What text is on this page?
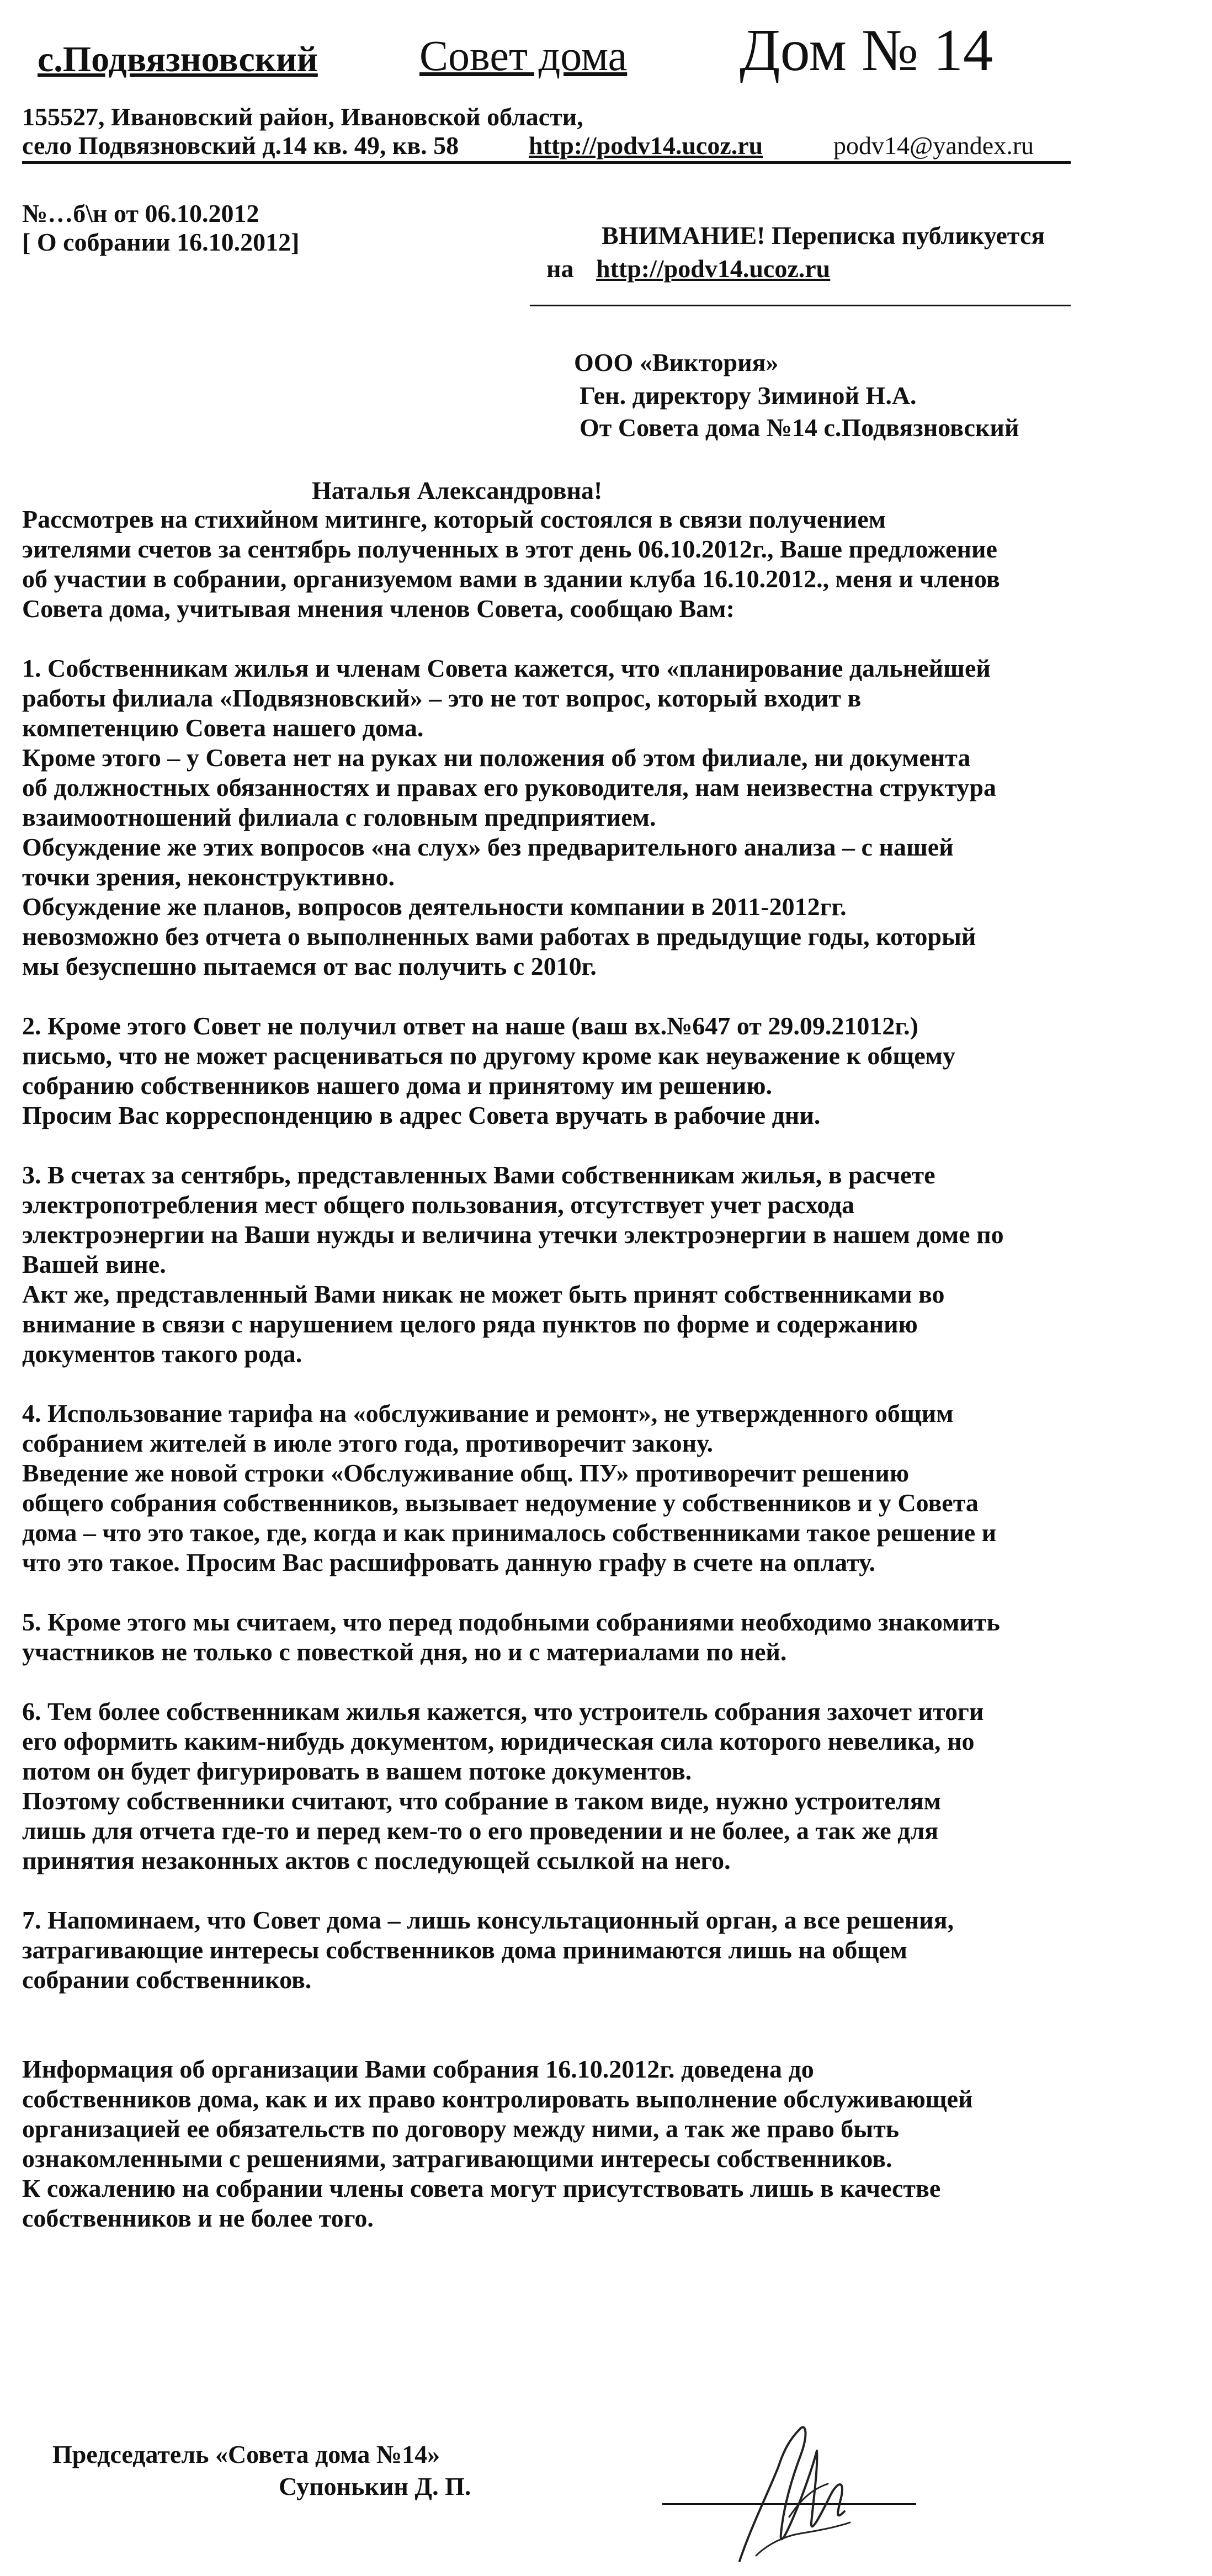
с.Подвязновский Совет дома Дом № 14
155527, Ивановский район, Ивановской области,
село Подвязновский д.14 кв. 49, кв. 58	http://podv14.ucoz.ru	podv14@yandex.ru
№…б\н от 06.10.2012
[ О собрании 16.10.2012]	ВНИМАНИЕ! Переписка публикуется
на http://podv14.ucoz.ru
ООО «Виктория»
Ген. директору Зиминой Н.А.
От Совета дома №14 с.Подвязновский
Наталья Александровна!

Рассмотрев на стихийном митинге, который состоялся в связи получением
эителями счетов за сентябрь полученных в этот день 06.10.2012г., Ваше предложение
об участии в собрании, организуемом вами в здании клуба 16.10.2012., меня и членов
Совета дома, учитывая мнения членов Совета, сообщаю Вам:

1. Собственникам жилья и членам Совета кажется, что «планирование дальнейшей
работы филиала «Подвязновский» – это не тот вопрос, который входит в
компетенцию Совета нашего дома.
Кроме этого – у Совета нет на руках ни положения об этом филиале, ни документа
об должностных обязанностях и правах его руководителя, нам неизвестна структура
взаимоотношений филиала с головным предприятием.
Обсуждение же этих вопросов «на слух» без предварительного анализа – с нашей
точки зрения, неконструктивно.
Обсуждение же планов, вопросов деятельности компании в 2011-2012гг.
невозможно без отчета о выполненных вами работах в предыдущие годы, который
мы безуспешно пытаемся от вас получить с 2010г.

2. Кроме этого Совет не получил ответ на наше (ваш вх.№647 от 29.09.21012г.)
письмо, что не может расцениваться по другому кроме как неуважение к общему
собранию собственников нашего дома и принятому им решению.
Просим Вас корреспонденцию в адрес Совета вручать в рабочие дни.

3. В счетах за сентябрь, представленных Вами собственникам жилья, в расчете
электропотребления мест общего пользования, отсутствует учет расхода
электроэнергии на Ваши нужды и величина утечки электроэнергии в нашем доме по
Вашей вине.
Акт же, представленный Вами никак не может быть принят собственниками во
внимание в связи с нарушением целого ряда пунктов по форме и содержанию
документов такого рода.

4. Использование тарифа на «обслуживание и ремонт», не утвержденного общим
собранием жителей в июле этого года, противоречит закону.
Введение же новой строки «Обслуживание общ. ПУ» противоречит решению
общего собрания собственников, вызывает недоумение у собственников и у Совета
дома – что это такое, где, когда и как принималось собственниками такое решение и
что это такое. Просим Вас расшифровать данную графу в счете на оплату.

5. Кроме этого мы считаем, что перед подобными собраниями необходимо знакомить
участников не только с повесткой дня, но и с материалами по ней.

6. Тем более собственникам жилья кажется, что устроитель собрания захочет итоги
его оформить каким-нибудь документом, юридическая сила которого невелика, но
потом он будет фигурировать в вашем потоке документов.
Поэтому собственники считают, что собрание в таком виде, нужно устроителям
лишь для отчета где-то и перед кем-то о его проведении и не более, а так же для
принятия незаконных актов с последующей ссылкой на него.

7. Напоминаем, что Совет дома – лишь консультационный орган, а все решения,
затрагивающие интересы собственников дома принимаются лишь на общем
собрании собственников.

Информация об организации Вами собрания 16.10.2012г. доведена до
собственников дома, как и их право контролировать выполнение обслуживающей
организацией ее обязательств по договору между ними, а так же право быть
ознакомленными с решениями, затрагивающими интересы собственников.
К сожалению на собрании члены совета могут присутствовать лишь в качестве
собственников и не более того.

Председатель «Совета дома №14»
Супонькин Д. П.
